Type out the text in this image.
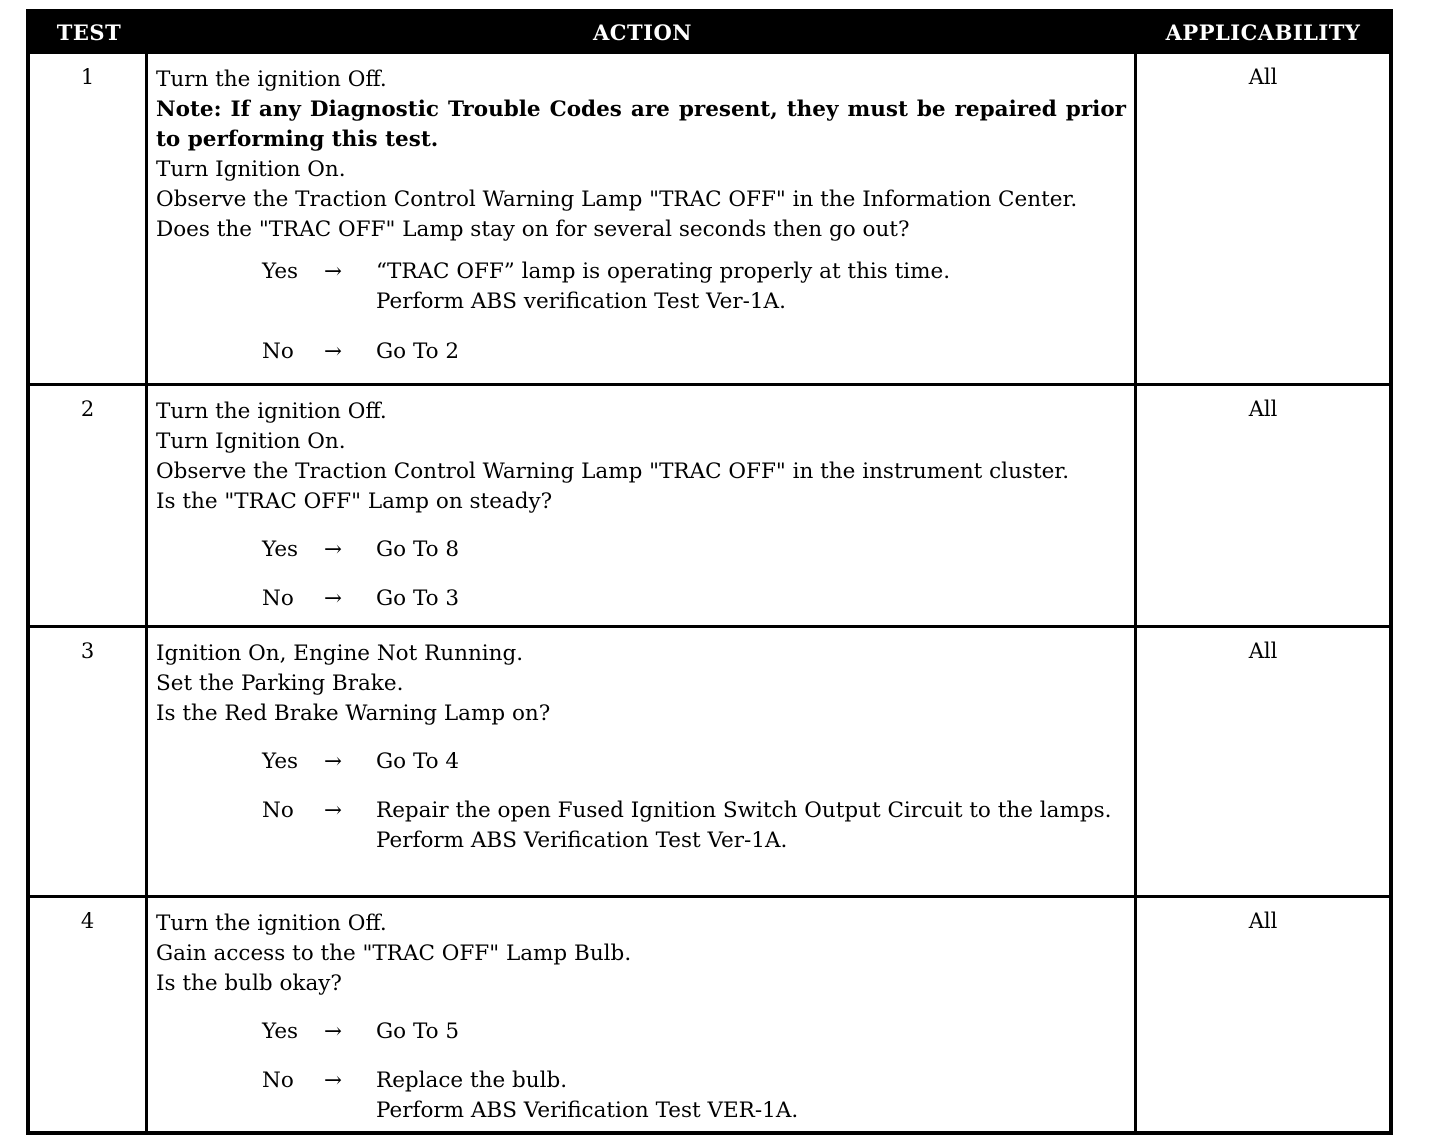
TEST	ACTION	APPLICABILITY
1	Turn the ignition Off.
Note: If any Diagnostic Trouble Codes are present, they must be repaired prior to performing this test.
Turn Ignition On.
Observe the Traction Control Warning Lamp "TRAC OFF" in the Information Center.
Does the "TRAC OFF" Lamp stay on for several seconds then go out?
Yes	→	“TRAC OFF” lamp is operating properly at this time.
Perform ABS verification Test Ver-1A.
No	→	Go To 2
All
2	Turn the ignition Off.
Turn Ignition On.
Observe the Traction Control Warning Lamp "TRAC OFF" in the instrument cluster.
Is the "TRAC OFF" Lamp on steady?
Yes	→	Go To 8
No	→	Go To 3
All
3	Ignition On, Engine Not Running.
Set the Parking Brake.
Is the Red Brake Warning Lamp on?
Yes	→	Go To 4
No	→	Repair the open Fused Ignition Switch Output Circuit to the lamps.
Perform ABS Verification Test Ver-1A.
All
4	Turn the ignition Off.
Gain access to the "TRAC OFF" Lamp Bulb.
Is the bulb okay?
Yes	→	Go To 5
No	→	Replace the bulb.
Perform ABS Verification Test VER-1A.
All
